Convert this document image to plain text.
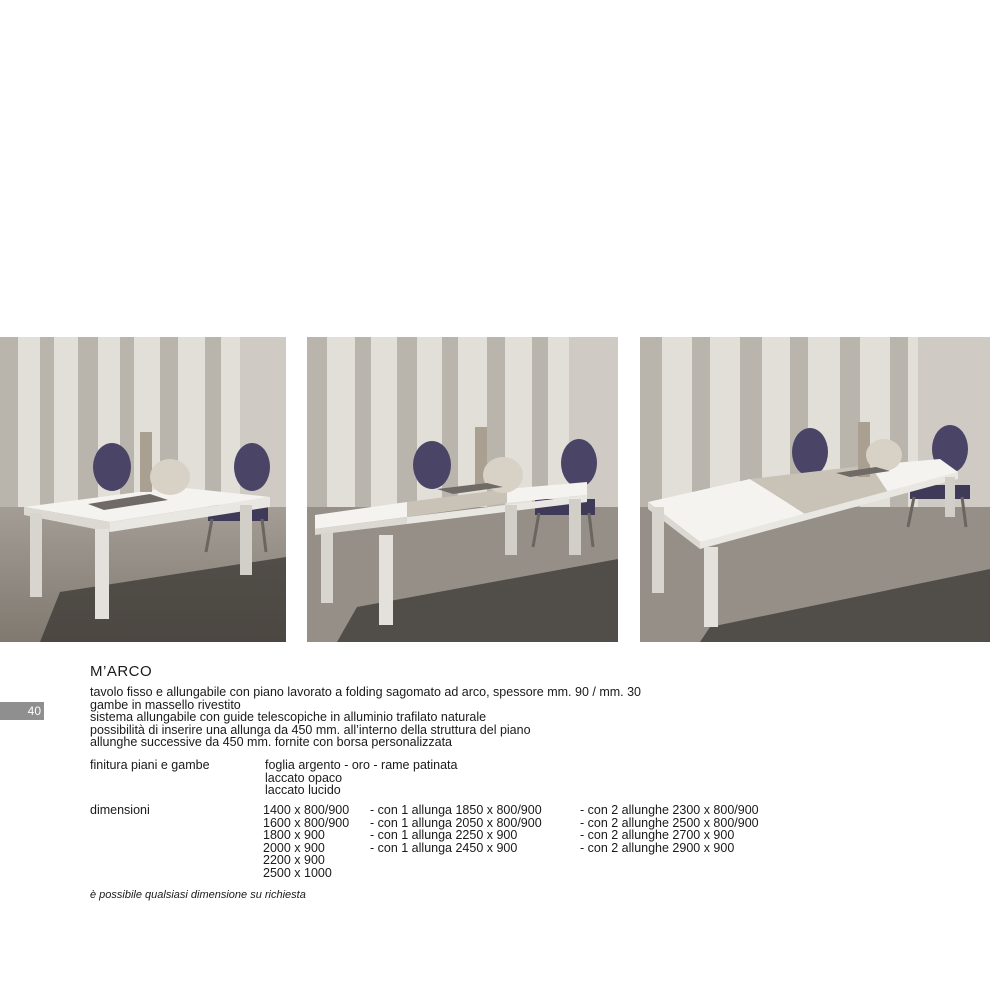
40
M’ARCO
tavolo fisso e allungabile con piano lavorato a folding sagomato ad arco, spessore mm. 90 / mm. 30
gambe in massello rivestito
sistema allungabile con guide telescopiche in alluminio trafilato naturale
possibilità di inserire una allunga da 450 mm. all’interno della struttura del piano
allunghe successive da 450 mm. fornite con borsa personalizzata
finitura piani e gambe	foglia argento - oro - rame patinata
laccato opaco
laccato lucido
dimensioni	1400 x 800/900
1600 x 800/900
1800 x 900
2000 x 900
2200 x 900
2500 x 1000
- con 1 allunga 1850 x 800/900
- con 1 allunga 2050 x 800/900
- con 1 allunga 2250 x 900
- con 1 allunga 2450 x 900
- con 2 allunghe 2300 x 800/900
- con 2 allunghe 2500 x 800/900
- con 2 allunghe 2700 x 900
- con 2 allunghe 2900 x 900
è possibile qualsiasi dimensione su richiesta
